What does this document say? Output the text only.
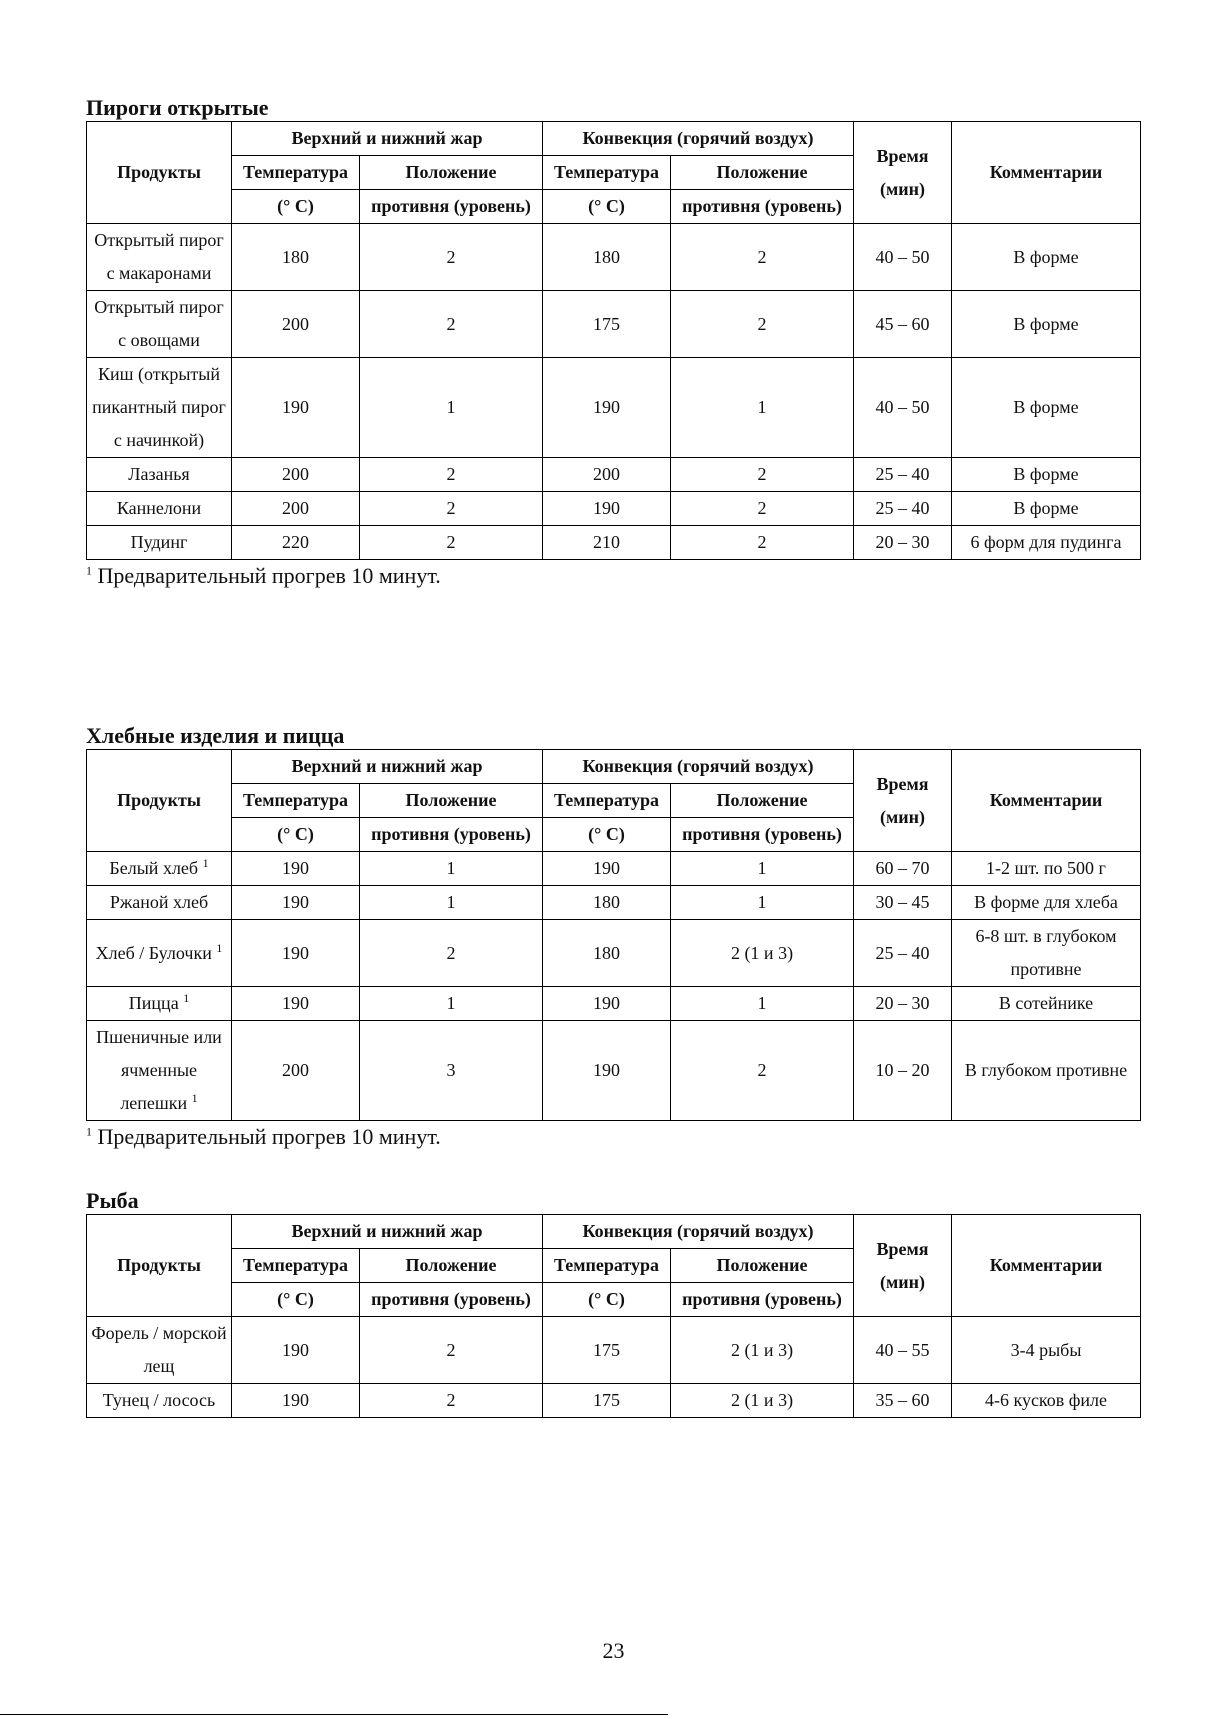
Пироги открытые
Продукты	Верхний и нижний жар		Конвекция (горячий воздух)		Время
(мин)	Комментарии
	Температура	Положение	Температура	Положение		
	(° C)	противня (уровень)	(° C)	противня (уровень)		
Открытый пирог с макаронами	180	2	180	2	40 – 50	В форме
Открытый пирог с овощами	200	2	175	2	45 – 60	В форме
Киш (открытый пикантный пирог с начинкой)	190	1	190	1	40 – 50	В форме
Лазанья	200	2	200	2	25 – 40	В форме
Каннелони	200	2	190	2	25 – 40	В форме
Пудинг	220	2	210	2	20 – 30	6 форм для пудинга
$^1$ Предварительный прогрев 10 минут.
Хлебные изделия и пицца
Продукты	Верхний и нижний жар		Конвекция (горячий воздух)		Время
(мин)	Комментарии
	Температура	Положение	Температура	Положение		
	(° C)	противня (уровень)	(° C)	противня (уровень)		
Белый хлеб $^1$	190	1	190	1	60 – 70	1-2 шт. по 500 г
Ржаной хлеб	190	1	180	1	30 – 45	В форме для хлеба
Хлеб / Булочки $^1$	190	2	180	2 (1 и 3)	25 – 40	6-8 шт. в глубоком противне
Пицца $^1$	190	1	190	1	20 – 30	В сотейнике
Пшеничные или ячменные лепешки $^1$	200	3	190	2	10 – 20	В глубоком противне
$^1$ Предварительный прогрев 10 минут.
Рыба
Продукты	Верхний и нижний жар		Конвекция (горячий воздух)		Время
(мин)	Комментарии
	Температура	Положение	Температура	Положение		
	(° C)	противня (уровень)	(° C)	противня (уровень)		
Форель / морской лещ	190	2	175	2 (1 и 3)	40 – 55	3-4 рыбы
Тунец / лосось	190	2	175	2 (1 и 3)	35 – 60	4-6 кусков филе
23
